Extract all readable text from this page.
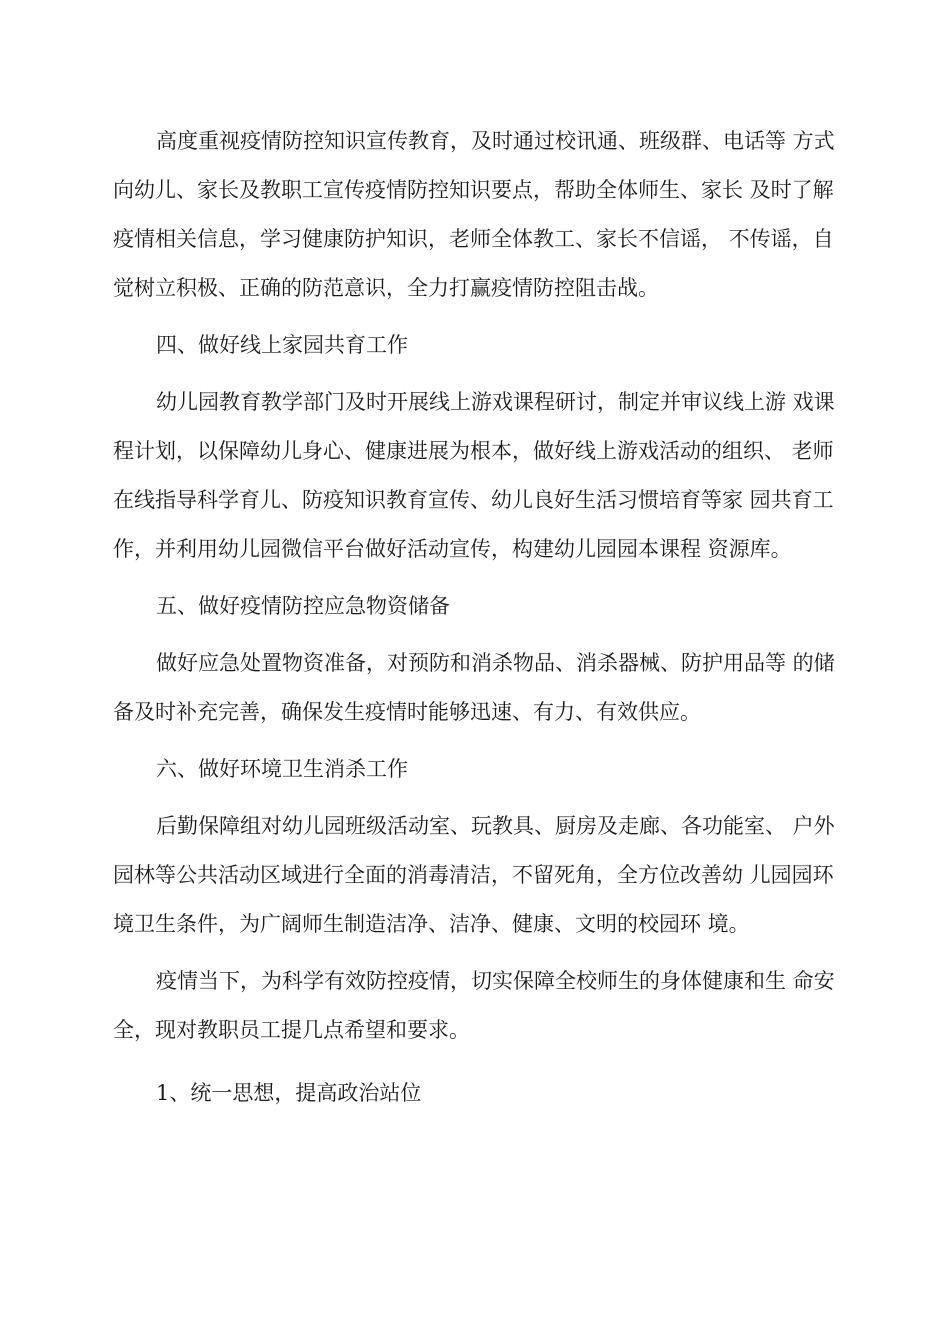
高度重视疫情防控知识宣传教育，及时通过校讯通、班级群、电话等 方式
向幼儿、家长及教职工宣传疫情防控知识要点，帮助全体师生、家长 及时了解
疫情相关信息，学习健康防护知识，老师全体教工、家长不信谣， 不传谣，自
觉树立积极、正确的防范意识，全力打赢疫情防控阻击战。
四、做好线上家园共育工作
幼儿园教育教学部门及时开展线上游戏课程研讨，制定并审议线上游 戏课
程计划，以保障幼儿身心、健康进展为根本，做好线上游戏活动的组织、 老师
在线指导科学育儿、防疫知识教育宣传、幼儿良好生活习惯培育等家 园共育工
作，并利用幼儿园微信平台做好活动宣传，构建幼儿园园本课程 资源库。
五、做好疫情防控应急物资储备
做好应急处置物资准备，对预防和消杀物品、消杀器械、防护用品等 的储
备及时补充完善，确保发生疫情时能够迅速、有力、有效供应。
六、做好环境卫生消杀工作
后勤保障组对幼儿园班级活动室、玩教具、厨房及走廊、各功能室、 户外
园林等公共活动区域进行全面的消毒清洁，不留死角，全方位改善幼 儿园园环
境卫生条件，为广阔师生制造洁净、洁净、健康、文明的校园环 境。
疫情当下，为科学有效防控疫情，切实保障全校师生的身体健康和生 命安
全，现对教职员工提几点希望和要求。
1、统一思想，提高政治站位
